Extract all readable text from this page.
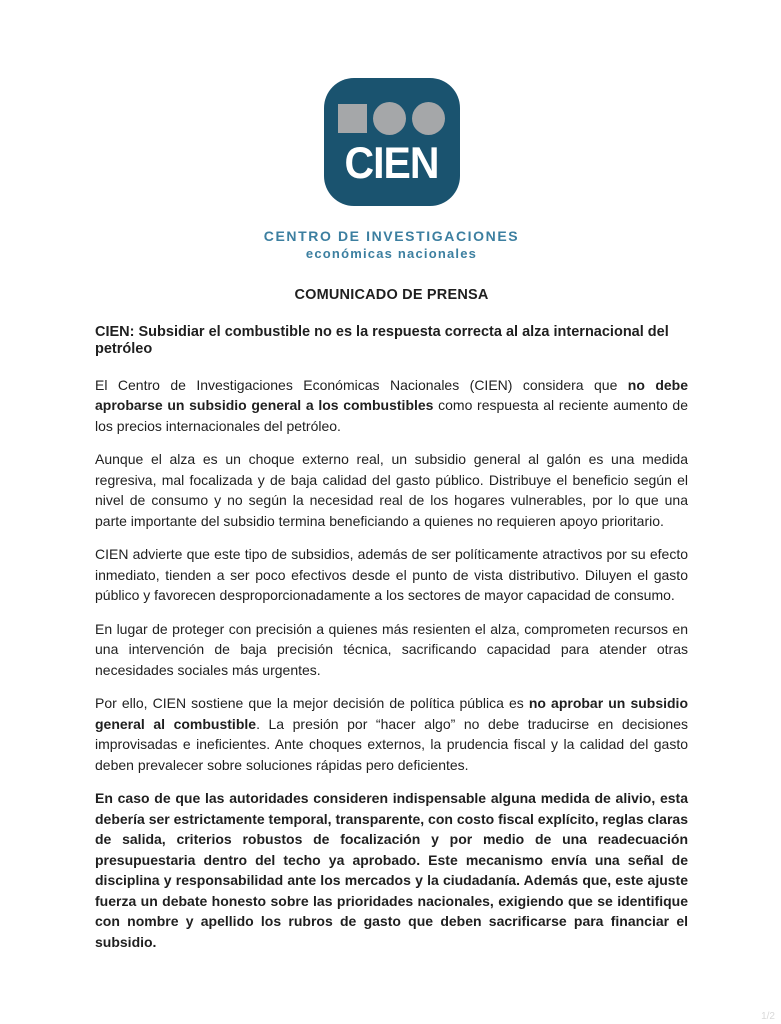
CIEN
CENTRO DE INVESTIGACIONES
económicas nacionales
COMUNICADO DE PRENSA
CIEN: Subsidiar el combustible no es la respuesta correcta al alza internacional del petróleo

El Centro de Investigaciones Económicas Nacionales (CIEN) considera que no debe aprobarse un subsidio general a los combustibles como respuesta al reciente aumento de los precios internacionales del petróleo.

Aunque el alza es un choque externo real, un subsidio general al galón es una medida regresiva, mal focalizada y de baja calidad del gasto público. Distribuye el beneficio según el nivel de consumo y no según la necesidad real de los hogares vulnerables, por lo que una parte importante del subsidio termina beneficiando a quienes no requieren apoyo prioritario.

CIEN advierte que este tipo de subsidios, además de ser políticamente atractivos por su efecto inmediato, tienden a ser poco efectivos desde el punto de vista distributivo. Diluyen el gasto público y favorecen desproporcionadamente a los sectores de mayor capacidad de consumo.

En lugar de proteger con precisión a quienes más resienten el alza, comprometen recursos en una intervención de baja precisión técnica, sacrificando capacidad para atender otras necesidades sociales más urgentes.

Por ello, CIEN sostiene que la mejor decisión de política pública es no aprobar un subsidio general al combustible. La presión por “hacer algo” no debe traducirse en decisiones improvisadas e ineficientes. Ante choques externos, la prudencia fiscal y la calidad del gasto deben prevalecer sobre soluciones rápidas pero deficientes.

En caso de que las autoridades consideren indispensable alguna medida de alivio, esta debería ser estrictamente temporal, transparente, con costo fiscal explícito, reglas claras de salida, criterios robustos de focalización y por medio de una readecuación presupuestaria dentro del techo ya aprobado. Este mecanismo envía una señal de disciplina y responsabilidad ante los mercados y la ciudadanía. Además que, este ajuste fuerza un debate honesto sobre las prioridades nacionales, exigiendo que se identifique con nombre y apellido los rubros de gasto que deben sacrificarse para financiar el subsidio.

1/2
